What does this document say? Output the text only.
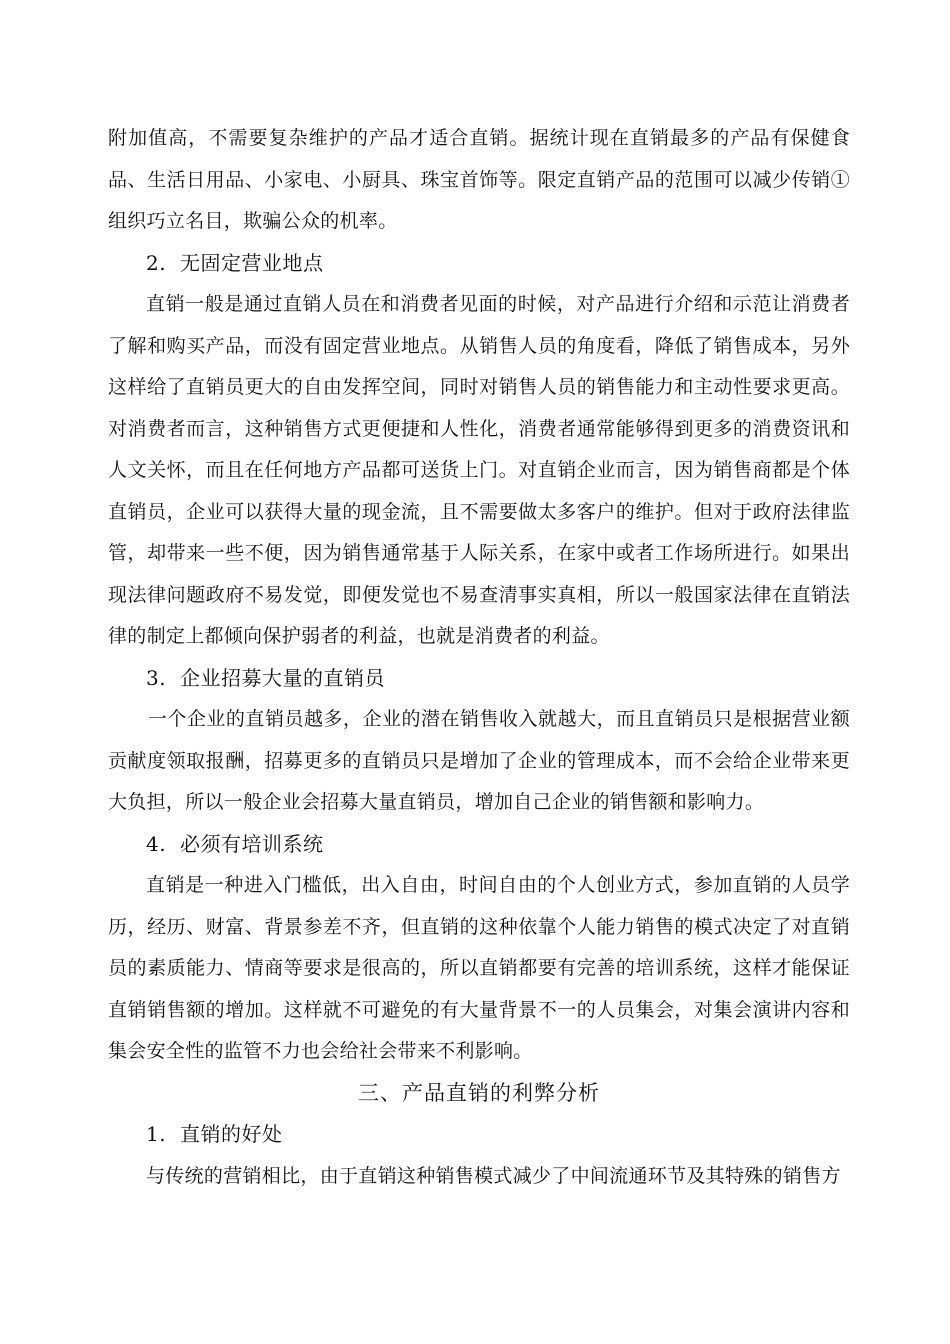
附加值高，不需要复杂维护的产品才适合直销。据统计现在直销最多的产品有保健食品、生活日用品、小家电、小厨具、珠宝首饰等。限定直销产品的范围可以减少传销①组织巧立名目，欺骗公众的机率。

2. 无固定营业地点

直销一般是通过直销人员在和消费者见面的时候，对产品进行介绍和示范让消费者了解和购买产品，而没有固定营业地点。从销售人员的角度看，降低了销售成本，另外这样给了直销员更大的自由发挥空间，同时对销售人员的销售能力和主动性要求更高。对消费者而言，这种销售方式更便捷和人性化，消费者通常能够得到更多的消费资讯和人文关怀，而且在任何地方产品都可送货上门。对直销企业而言，因为销售商都是个体直销员，企业可以获得大量的现金流，且不需要做太多客户的维护。但对于政府法律监管，却带来一些不便，因为销售通常基于人际关系，在家中或者工作场所进行。如果出现法律问题政府不易发觉，即便发觉也不易查清事实真相，所以一般国家法律在直销法律的制定上都倾向保护弱者的利益，也就是消费者的利益。

3. 企业招募大量的直销员

一个企业的直销员越多，企业的潜在销售收入就越大，而且直销员只是根据营业额贡献度领取报酬，招募更多的直销员只是增加了企业的管理成本，而不会给企业带来更大负担，所以一般企业会招募大量直销员，增加自己企业的销售额和影响力。

4. 必须有培训系统

直销是一种进入门槛低，出入自由，时间自由的个人创业方式，参加直销的人员学历，经历、财富、背景参差不齐，但直销的这种依靠个人能力销售的模式决定了对直销员的素质能力、情商等要求是很高的，所以直销都要有完善的培训系统，这样才能保证直销销售额的增加。这样就不可避免的有大量背景不一的人员集会，对集会演讲内容和集会安全性的监管不力也会给社会带来不利影响。

三、产品直销的利弊分析

1. 直销的好处

与传统的营销相比，由于直销这种销售模式减少了中间流通环节及其特殊的销售方
